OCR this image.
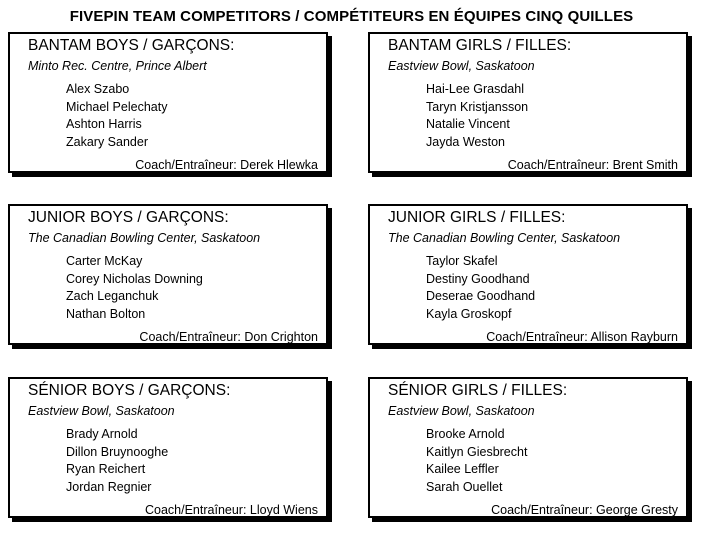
FIVEPIN TEAM COMPETITORS / COMPÉTITEURS EN ÉQUIPES CINQ QUILLES
BANTAM BOYS / GARÇONS:
Minto Rec. Centre, Prince Albert
Alex Szabo
Michael Pelechaty
Ashton Harris
Zakary Sander
Coach/Entraîneur: Derek Hlewka
BANTAM GIRLS / FILLES:
Eastview Bowl, Saskatoon
Hai-Lee Grasdahl
Taryn Kristjansson
Natalie Vincent
Jayda Weston
Coach/Entraîneur: Brent Smith
JUNIOR BOYS / GARÇONS:
The Canadian Bowling Center, Saskatoon
Carter McKay
Corey Nicholas Downing
Zach Leganchuk
Nathan Bolton
Coach/Entraîneur: Don Crighton
JUNIOR GIRLS / FILLES:
The Canadian Bowling Center, Saskatoon
Taylor Skafel
Destiny Goodhand
Deserae Goodhand
Kayla Groskopf
Coach/Entraîneur: Allison Rayburn
SÉNIOR BOYS / GARÇONS:
Eastview Bowl, Saskatoon
Brady Arnold
Dillon Bruynooghe
Ryan Reichert
Jordan Regnier
Coach/Entraîneur: Lloyd Wiens
SÉNIOR GIRLS / FILLES:
Eastview Bowl, Saskatoon
Brooke Arnold
Kaitlyn Giesbrecht
Kailee Leffler
Sarah Ouellet
Coach/Entraîneur: George Gresty
